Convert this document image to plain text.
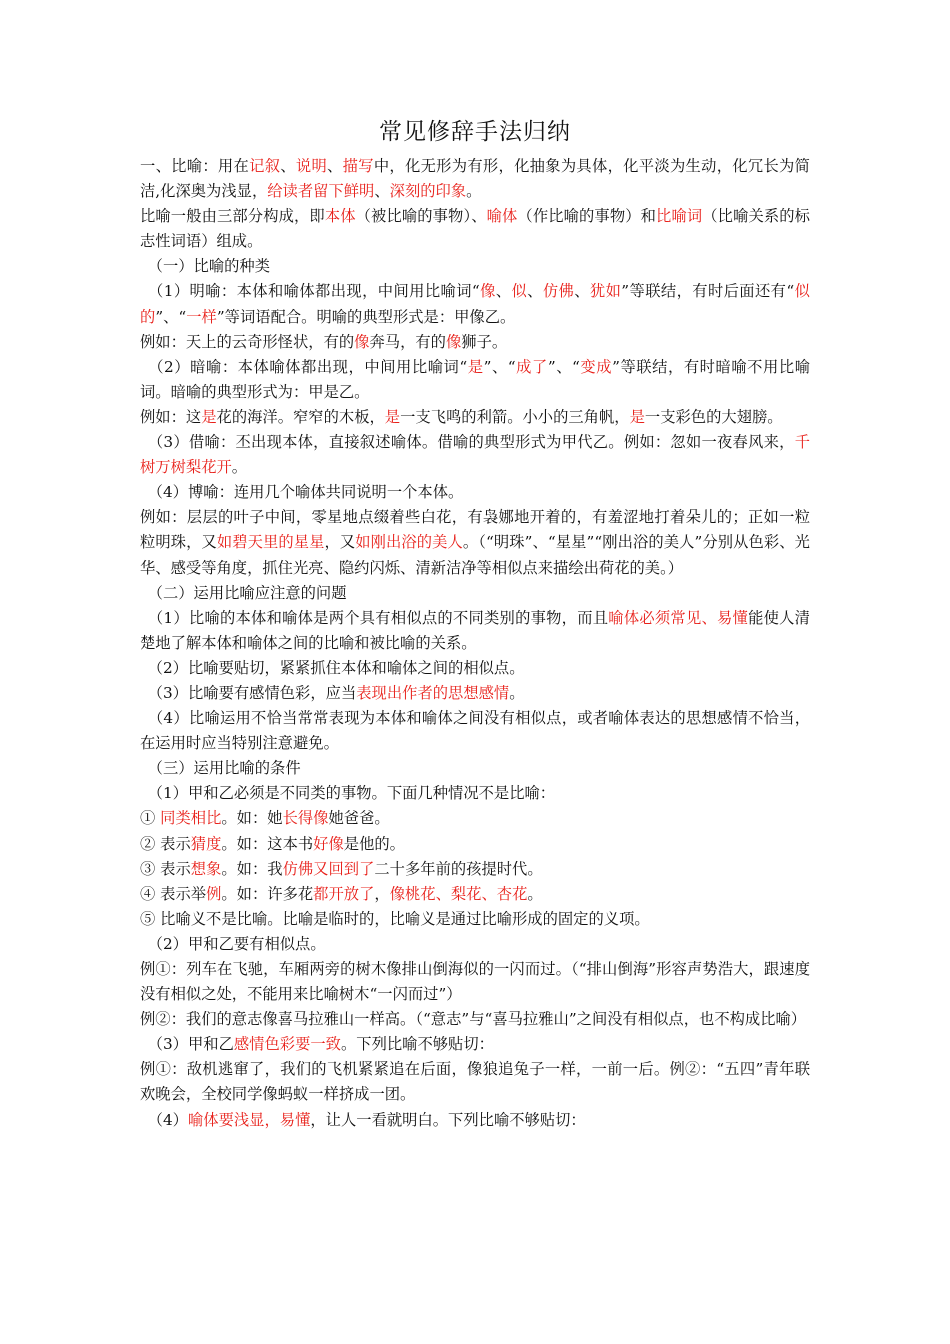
常见修辞手法归纳

一、比喻：用在记叙、说明、描写中，化无形为有形，化抽象为具体，化平淡为生动，化冗长为简洁,化深奥为浅显，给读者留下鲜明、深刻的印象。

比喻一般由三部分构成，即本体（被比喻的事物）、喻体（作比喻的事物）和比喻词（比喻关系的标志性词语）组成。

　（一）比喻的种类

　（1）明喻：本体和喻体都出现，中间用比喻词“像、似、仿佛、犹如”等联结，有时后面还有“似的”、“一样”等词语配合。明喻的典型形式是：甲像乙。

例如：天上的云奇形怪状，有的像奔马，有的像狮子。

　（2）暗喻：本体喻体都出现，中间用比喻词“是”、“成了”、“变成”等联结，有时暗喻不用比喻词。暗喻的典型形式为：甲是乙。

例如：这是花的海洋。窄窄的木板，是一支飞鸣的利箭。小小的三角帆，是一支彩色的大翅膀。

　（3）借喻：丕出现本体，直接叙述喻体。借喻的典型形式为甲代乙。例如：忽如一夜春风来，千树万树梨花开。

　（4）博喻：连用几个喻体共同说明一个本体。

例如：层层的叶子中间，零星地点缀着些白花，有袅娜地开着的，有羞涩地打着朵儿的；正如一粒粒明珠，又如碧天里的星星，又如刚出浴的美人。（“明珠”、“星星”“刚出浴的美人”分别从色彩、光华、感受等角度，抓住光亮、隐约闪烁、清新洁净等相似点来描绘出荷花的美。）

　（二）运用比喻应注意的问题

　（1）比喻的本体和喻体是两个具有相似点的不同类别的事物，而且喻体必须常见、易懂能使人清楚地了解本体和喻体之间的比喻和被比喻的关系。

　（2）比喻要贴切，紧紧抓住本体和喻体之间的相似点。

　（3）比喻要有感情色彩，应当表现出作者的思想感情。

　（4）比喻运用不恰当常常表现为本体和喻体之间没有相似点，或者喻体表达的思想感情不恰当，在运用时应当特别注意避免。

　（三）运用比喻的条件

　（1）甲和乙必须是不同类的事物。下面几种情况不是比喻：

① 同类相比。如：她长得像她爸爸。

② 表示猜度。如：这本书好像是他的。

③ 表示想象。如：我仿佛又回到了二十多年前的孩提时代。

④ 表示举例。如：许多花都开放了，像桃花、梨花、杏花。

⑤ 比喻义不是比喻。比喻是临时的，比喻义是通过比喻形成的固定的义项。

　（2）甲和乙要有相似点。

例①：列车在飞驰，车厢两旁的树木像排山倒海似的一闪而过。（“排山倒海”形容声势浩大，跟速度没有相似之处，不能用来比喻树木“一闪而过”）

例②：我们的意志像喜马拉雅山一样高。（“意志”与“喜马拉雅山”之间没有相似点，也不构成比喻）

　（3）甲和乙感情色彩要一致。下列比喻不够贴切：

例①：敌机逃窜了，我们的飞机紧紧追在后面，像狼追兔子一样，一前一后。例②：“五四”青年联欢晚会，全校同学像蚂蚁一样挤成一团。

　（4）喻体要浅显，易懂，让人一看就明白。下列比喻不够贴切：
